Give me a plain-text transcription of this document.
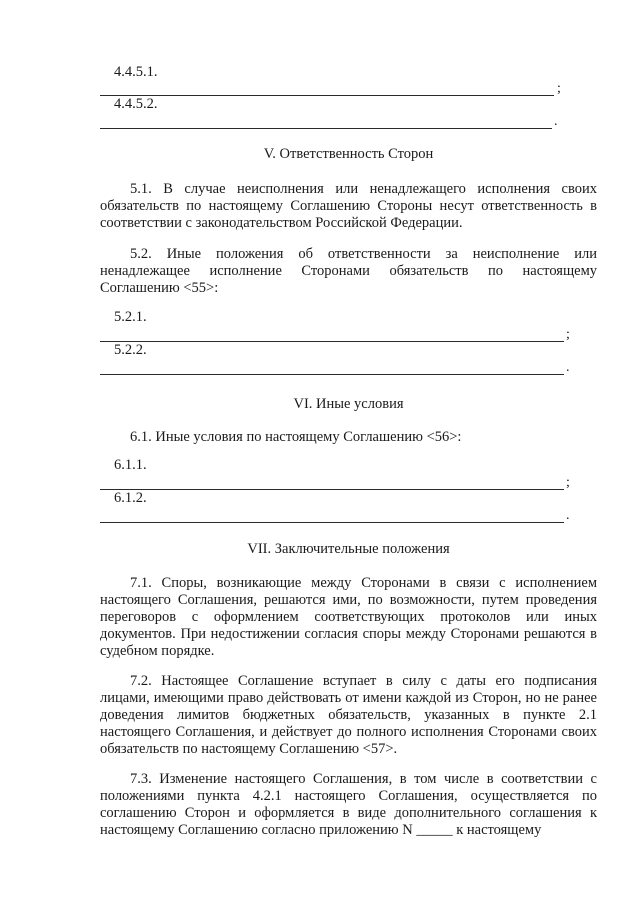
4.4.5.1.
;
4.4.5.2.
.
V. Ответственность Сторон
5.1. В случае неисполнения или ненадлежащего исполнения своих обязательств по настоящему Соглашению Стороны несут ответственность в соответствии с законодательством Российской Федерации.
5.2. Иные положения об ответственности за неисполнение или ненадлежащее исполнение Сторонами обязательств по настоящему Соглашению <55>:
5.2.1.
;
5.2.2.
.
VI. Иные условия
6.1. Иные условия по настоящему Соглашению <56>:
6.1.1.
;
6.1.2.
.
VII. Заключительные положения
7.1. Споры, возникающие между Сторонами в связи с исполнением настоящего Соглашения, решаются ими, по возможности, путем проведения переговоров с оформлением соответствующих протоколов или иных документов. При недостижении согласия споры между Сторонами решаются в судебном порядке.
7.2. Настоящее Соглашение вступает в силу с даты его подписания лицами, имеющими право действовать от имени каждой из Сторон, но не ранее доведения лимитов бюджетных обязательств, указанных в пункте 2.1 настоящего Соглашения, и действует до полного исполнения Сторонами своих обязательств по настоящему Соглашению <57>.
7.3. Изменение настоящего Соглашения, в том числе в соответствии с положениями пункта 4.2.1 настоящего Соглашения, осуществляется по соглашению Сторон и оформляется в виде дополнительного соглашения к настоящему Соглашению согласно приложению N _____ к настоящему
